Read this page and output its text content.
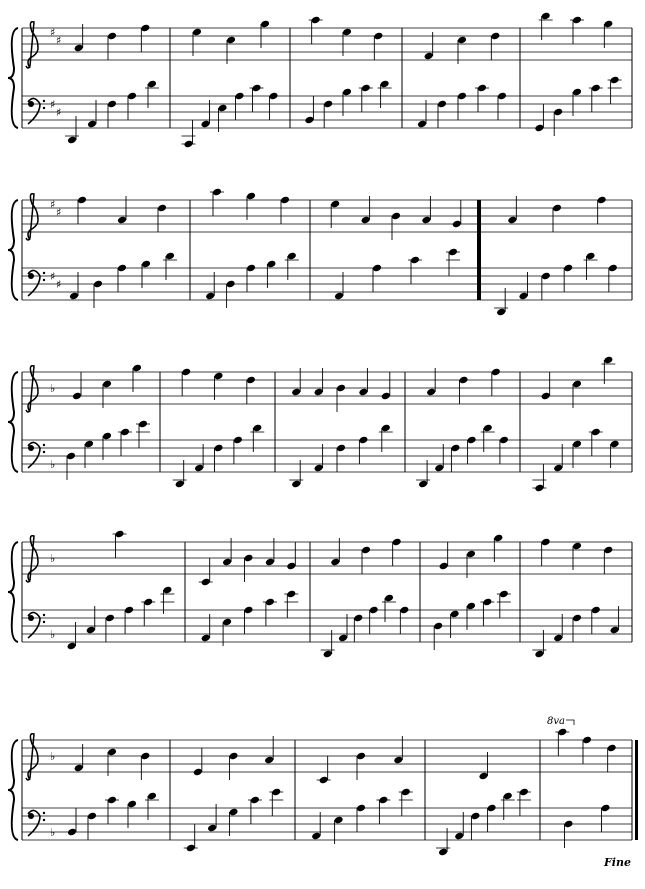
8va
Fine
♯
♯
♯
♯
♯
♯
♯
♯
♭
♭
♭
♭
♭
♭
